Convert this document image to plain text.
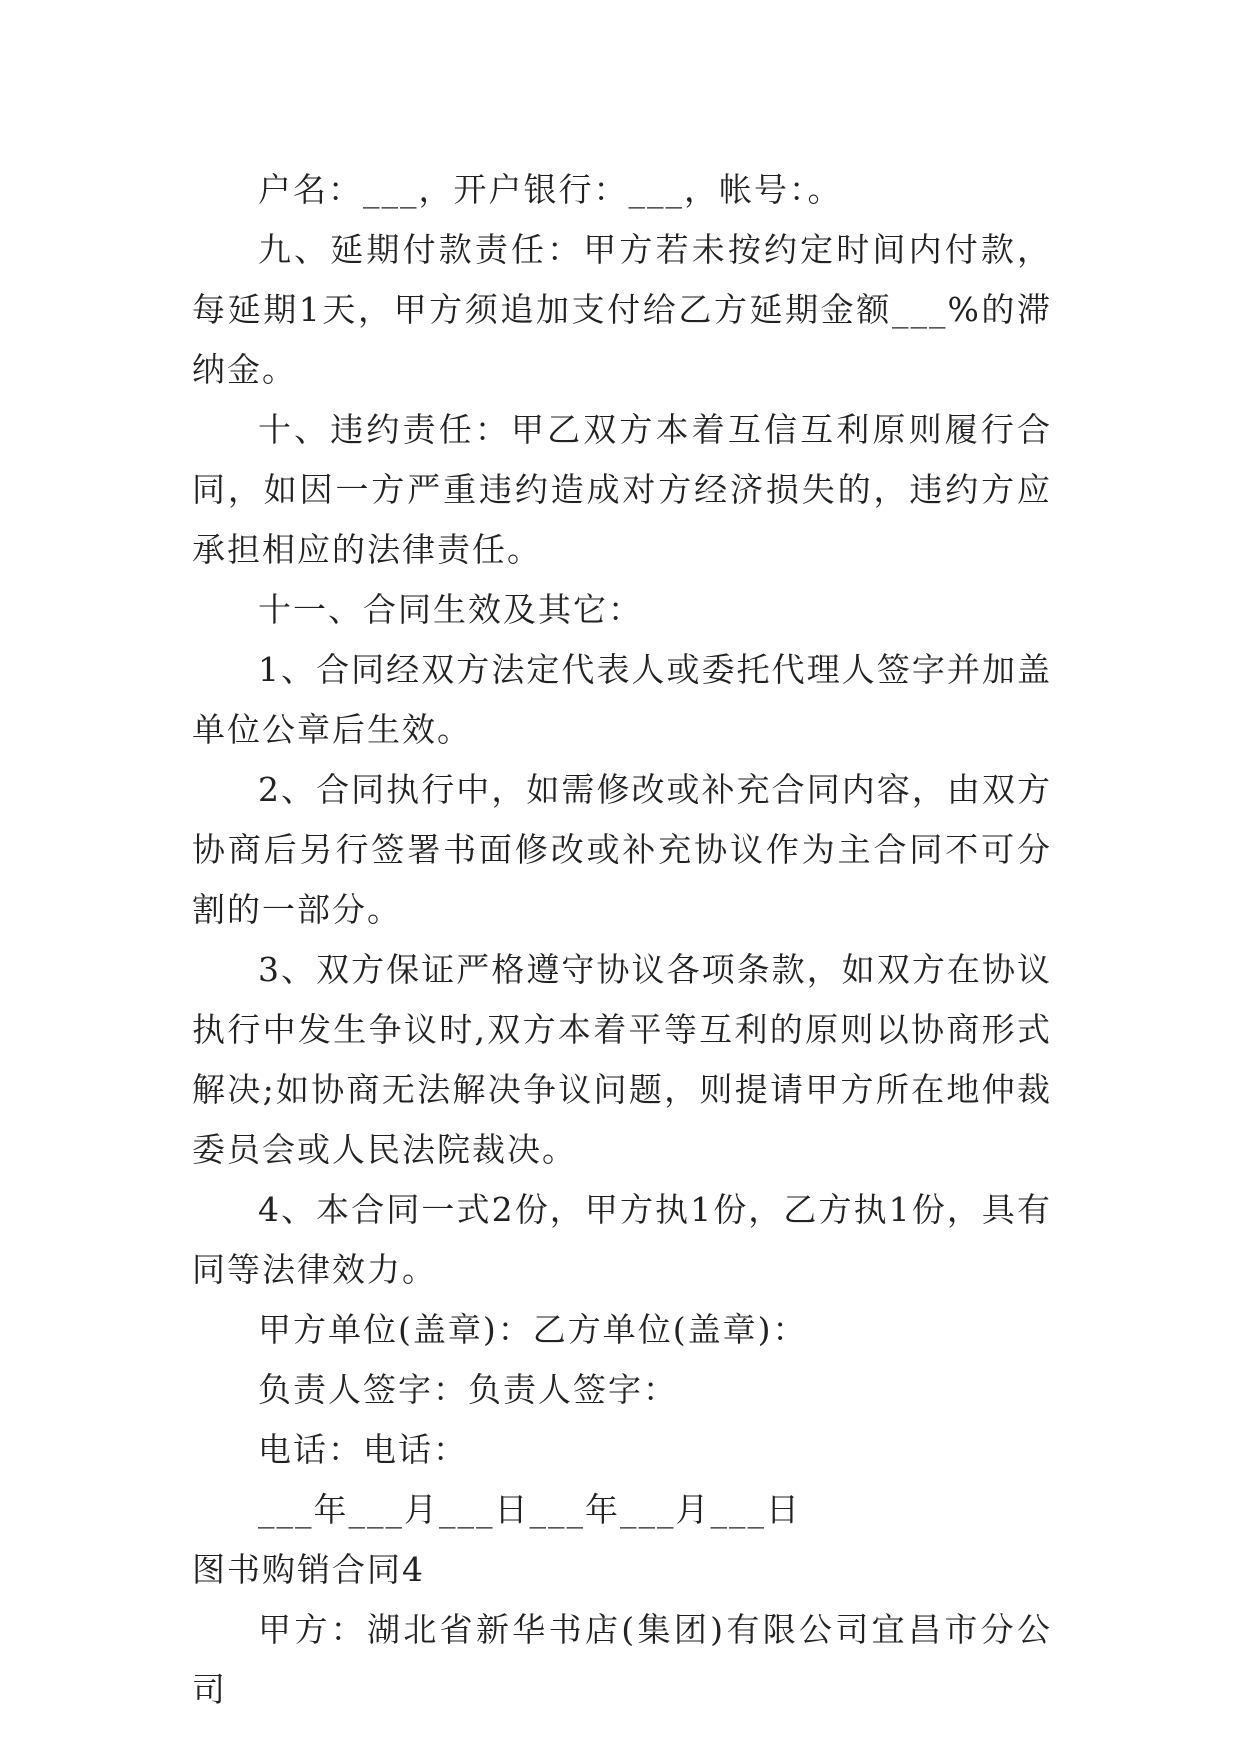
户名：___，开户银行：___，帐号：。

九、延期付款责任：甲方若未按约定时间内付款，每延期1天，甲方须追加支付给乙方延期金额___%的滞纳金。

十、违约责任：甲乙双方本着互信互利原则履行合同，如因一方严重违约造成对方经济损失的，违约方应承担相应的法律责任。

十一、合同生效及其它：

1、合同经双方法定代表人或委托代理人签字并加盖单位公章后生效。

2、合同执行中，如需修改或补充合同内容，由双方协商后另行签署书面修改或补充协议作为主合同不可分割的一部分。

3、双方保证严格遵守协议各项条款，如双方在协议执行中发生争议时,双方本着平等互利的原则以协商形式解决;如协商无法解决争议问题，则提请甲方所在地仲裁委员会或人民法院裁决。

4、本合同一式2份，甲方执1份，乙方执1份，具有同等法律效力。

甲方单位(盖章)：乙方单位(盖章)：

负责人签字：负责人签字：

电话：电话：

___年___月___日___年___月___日

图书购销合同4

甲方：湖北省新华书店(集团)有限公司宜昌市分公司
